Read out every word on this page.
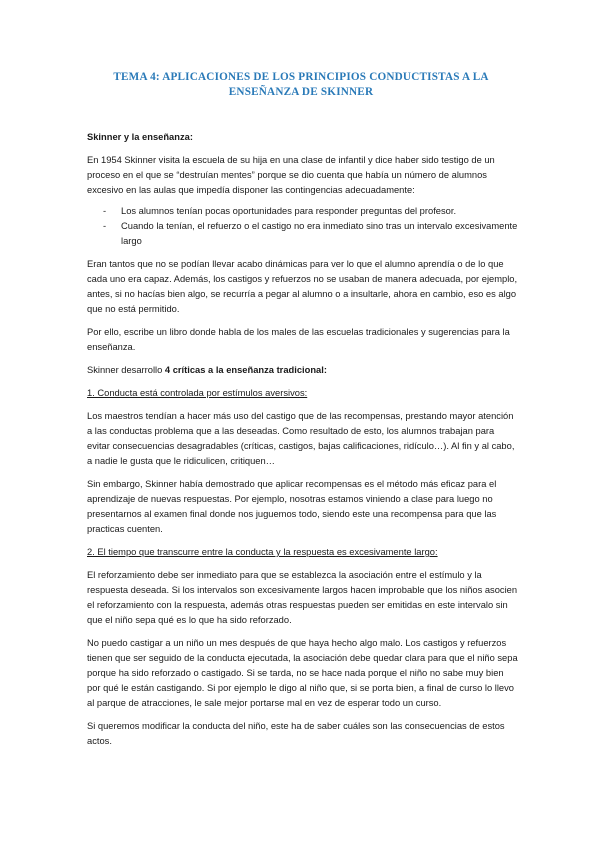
TEMA 4: APLICACIONES DE LOS PRINCIPIOS CONDUCTISTAS A LA
ENSEÑANZA DE SKINNER

Skinner y la enseñanza:

En 1954 Skinner visita la escuela de su hija en una clase de infantil y dice haber sido testigo de un proceso en el que se “destruían mentes” porque se dio cuenta que había un número de alumnos excesivo en las aulas que impedía disponer las contingencias adecuadamente:

- Los alumnos tenían pocas oportunidades para responder preguntas del profesor.
- Cuando la tenían, el refuerzo o el castigo no era inmediato sino tras un intervalo excesivamente largo

Eran tantos que no se podían llevar acabo dinámicas para ver lo que el alumno aprendía o de lo que cada uno era capaz. Además, los castigos y refuerzos no se usaban de manera adecuada, por ejemplo, antes, si no hacías bien algo, se recurría a pegar al alumno o a insultarle, ahora en cambio, eso es algo que no está permitido.

Por ello, escribe un libro donde habla de los males de las escuelas tradicionales y sugerencias para la enseñanza.

Skinner desarrollo 4 críticas a la enseñanza tradicional:

1. Conducta está controlada por estímulos aversivos:

Los maestros tendían a hacer más uso del castigo que de las recompensas, prestando mayor atención a las conductas problema que a las deseadas. Como resultado de esto, los alumnos trabajan para evitar consecuencias desagradables (críticas, castigos, bajas calificaciones, ridículo…). Al fin y al cabo, a nadie le gusta que le ridiculicen, critiquen…

Sin embargo, Skinner había demostrado que aplicar recompensas es el método más eficaz para el aprendizaje de nuevas respuestas. Por ejemplo, nosotras estamos viniendo a clase para luego no presentarnos al examen final donde nos juguemos todo, siendo este una recompensa para que las practicas cuenten.

2. El tiempo que transcurre entre la conducta y la respuesta es excesivamente largo:

El reforzamiento debe ser inmediato para que se establezca la asociación entre el estímulo y la respuesta deseada. Si los intervalos son excesivamente largos hacen improbable que los niños asocien el reforzamiento con la respuesta, además otras respuestas pueden ser emitidas en este intervalo sin que el niño sepa qué es lo que ha sido reforzado.

No puedo castigar a un niño un mes después de que haya hecho algo malo. Los castigos y refuerzos tienen que ser seguido de la conducta ejecutada, la asociación debe quedar clara para que el niño sepa porque ha sido reforzado o castigado. Si se tarda, no se hace nada porque el niño no sabe muy bien por qué le están castigando. Si por ejemplo le digo al niño que, si se porta bien, a final de curso lo llevo al parque de atracciones, le sale mejor portarse mal en vez de esperar todo un curso.

Si queremos modificar la conducta del niño, este ha de saber cuáles son las consecuencias de estos actos.
